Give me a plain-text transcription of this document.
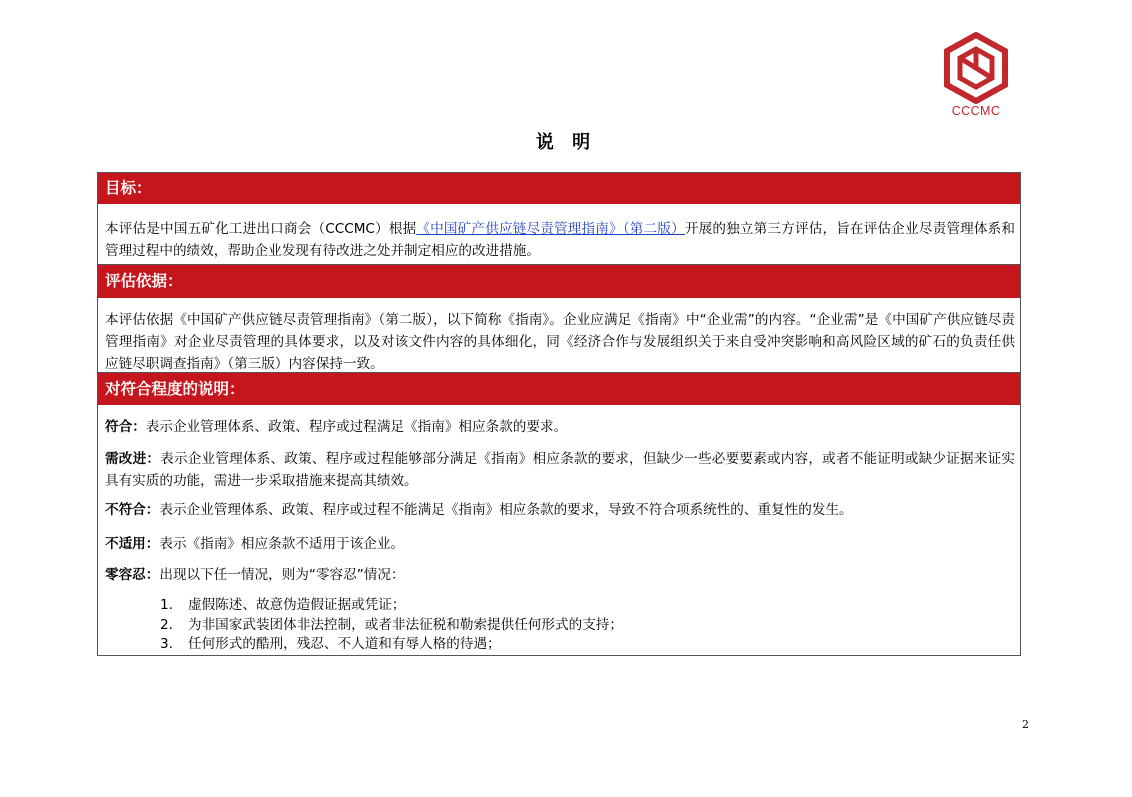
CCCMC
说 明
目标：

本评估是中国五矿化工进出口商会（CCCMC）根据《中国矿产供应链尽责管理指南》（第二版）开展的独立第三方评估，旨在评估企业尽责管理体系和管理过程中的绩效，帮助企业发现有待改进之处并制定相应的改进措施。

评估依据：

本评估依据《中国矿产供应链尽责管理指南》（第二版），以下简称《指南》。企业应满足《指南》中“企业需”的内容。“企业需”是《中国矿产供应链尽责管理指南》对企业尽责管理的具体要求，以及对该文件内容的具体细化，同《经济合作与发展组织关于来自受冲突影响和高风险区域的矿石的负责任供应链尽职调查指南》（第三版）内容保持一致。

对符合程度的说明：

符合：表示企业管理体系、政策、程序或过程满足《指南》相应条款的要求。

需改进：表示企业管理体系、政策、程序或过程能够部分满足《指南》相应条款的要求，但缺少一些必要要素或内容，或者不能证明或缺少证据来证实具有实质的功能，需进一步采取措施来提高其绩效。

不符合：表示企业管理体系、政策、程序或过程不能满足《指南》相应条款的要求，导致不符合项系统性的、重复性的发生。

不适用：表示《指南》相应条款不适用于该企业。

零容忍：出现以下任一情况，则为“零容忍”情况：

1. 虚假陈述、故意伪造假证据或凭证；
2. 为非国家武装团体非法控制，或者非法征税和勒索提供任何形式的支持；
3. 任何形式的酷刑，残忍、不人道和有辱人格的待遇；
2
